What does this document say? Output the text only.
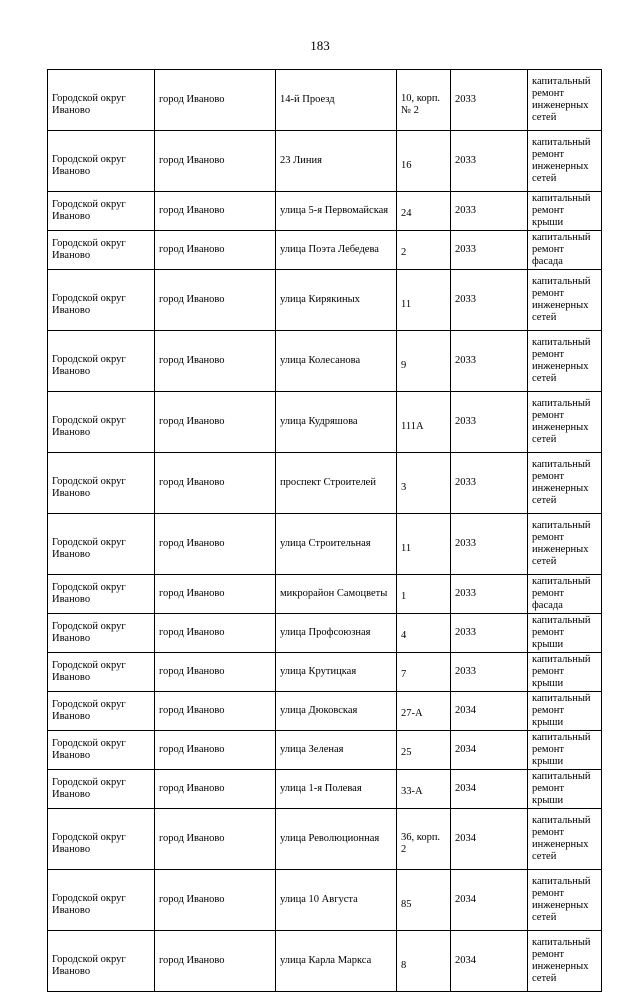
183
Городской округ Иваново	город Иваново	14-й Проезд	10, корп. № 2	2033	капитальный ремонт инженерных сетей
Городской округ Иваново	город Иваново	23 Линия	16	2033	капитальный ремонт инженерных сетей
Городской округ Иваново	город Иваново	улица 5-я Первомайская	24	2033	капитальный ремонт крыши
Городской округ Иваново	город Иваново	улица Поэта Лебедева	2	2033	капитальный ремонт фасада
Городской округ Иваново	город Иваново	улица Кирякиных	11	2033	капитальный ремонт инженерных сетей
Городской округ Иваново	город Иваново	улица Колесанова	9	2033	капитальный ремонт инженерных сетей
Городской округ Иваново	город Иваново	улица Кудряшова	111А	2033	капитальный ремонт инженерных сетей
Городской округ Иваново	город Иваново	проспект Строителей	3	2033	капитальный ремонт инженерных сетей
Городской округ Иваново	город Иваново	улица Строительная	11	2033	капитальный ремонт инженерных сетей
Городской округ Иваново	город Иваново	микрорайон Самоцветы	1	2033	капитальный ремонт фасада
Городской округ Иваново	город Иваново	улица Профсоюзная	4	2033	капитальный ремонт крыши
Городской округ Иваново	город Иваново	улица Крутицкая	7	2033	капитальный ремонт крыши
Городской округ Иваново	город Иваново	улица Дюковская	27-А	2034	капитальный ремонт крыши
Городской округ Иваново	город Иваново	улица Зеленая	25	2034	капитальный ремонт крыши
Городской округ Иваново	город Иваново	улица 1-я Полевая	33-А	2034	капитальный ремонт крыши
Городской округ Иваново	город Иваново	улица Революционная	36, корп. 2	2034	капитальный ремонт инженерных сетей
Городской округ Иваново	город Иваново	улица 10 Августа	85	2034	капитальный ремонт инженерных сетей
Городской округ Иваново	город Иваново	улица Карла Маркса	8	2034	капитальный ремонт инженерных сетей
